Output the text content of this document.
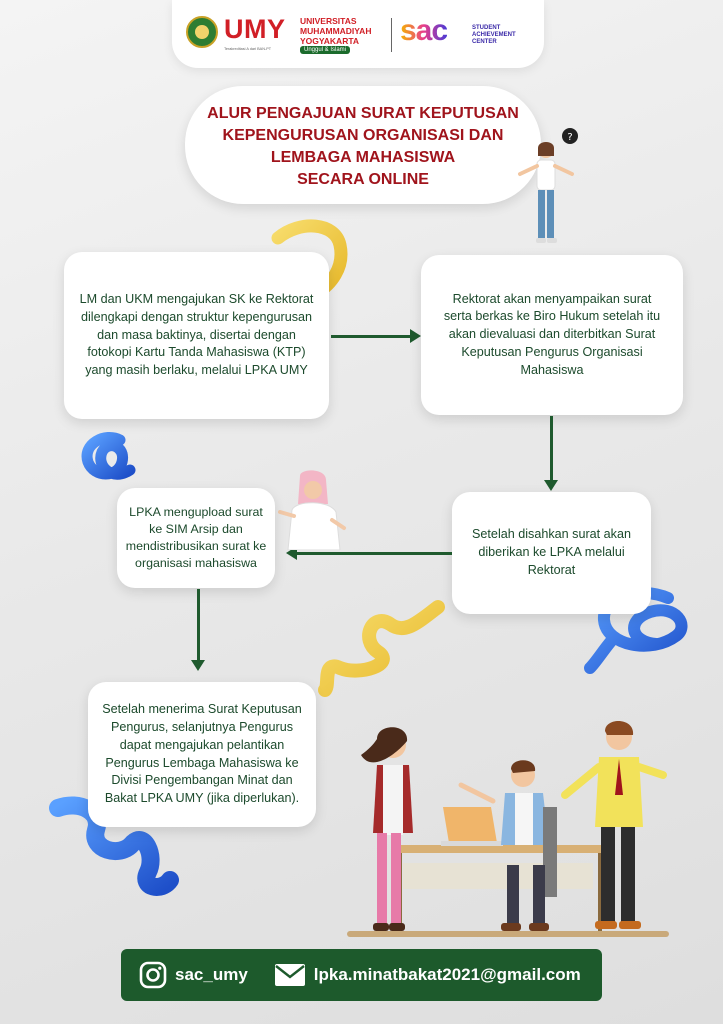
UMY UNIVERSITAS MUHAMMADIYAH YOGYAKARTA
Unggul & Islami
Terakreditasi A dari BAN-PT
sac	STUDENT ACHIEVEMENT CENTER
ALUR PENGAJUAN SURAT KEPUTUSAN
KEPENGURUSAN ORGANISASI DAN
LEMBAGA MAHASISWA
SECARA ONLINE
?
LM dan UKM mengajukan SK ke Rektorat dilengkapi dengan struktur kepengurusan dan masa baktinya, disertai dengan fotokopi Kartu Tanda Mahasiswa (KTP) yang masih berlaku, melalui LPKA UMY
Rektorat akan menyampaikan surat serta berkas ke Biro Hukum setelah itu akan dievaluasi dan diterbitkan Surat Keputusan Pengurus Organisasi Mahasiswa
Setelah disahkan surat akan diberikan ke LPKA melalui Rektorat
LPKA mengupload surat ke SIM Arsip dan mendistribusikan surat ke organisasi mahasiswa
Setelah menerima Surat Keputusan Pengurus, selanjutnya Pengurus dapat mengajukan pelantikan Pengurus Lembaga Mahasiswa ke Divisi Pengembangan Minat dan Bakat LPKA UMY (jika diperlukan).
sac_umy	lpka.minatbakat2021@gmail.com
